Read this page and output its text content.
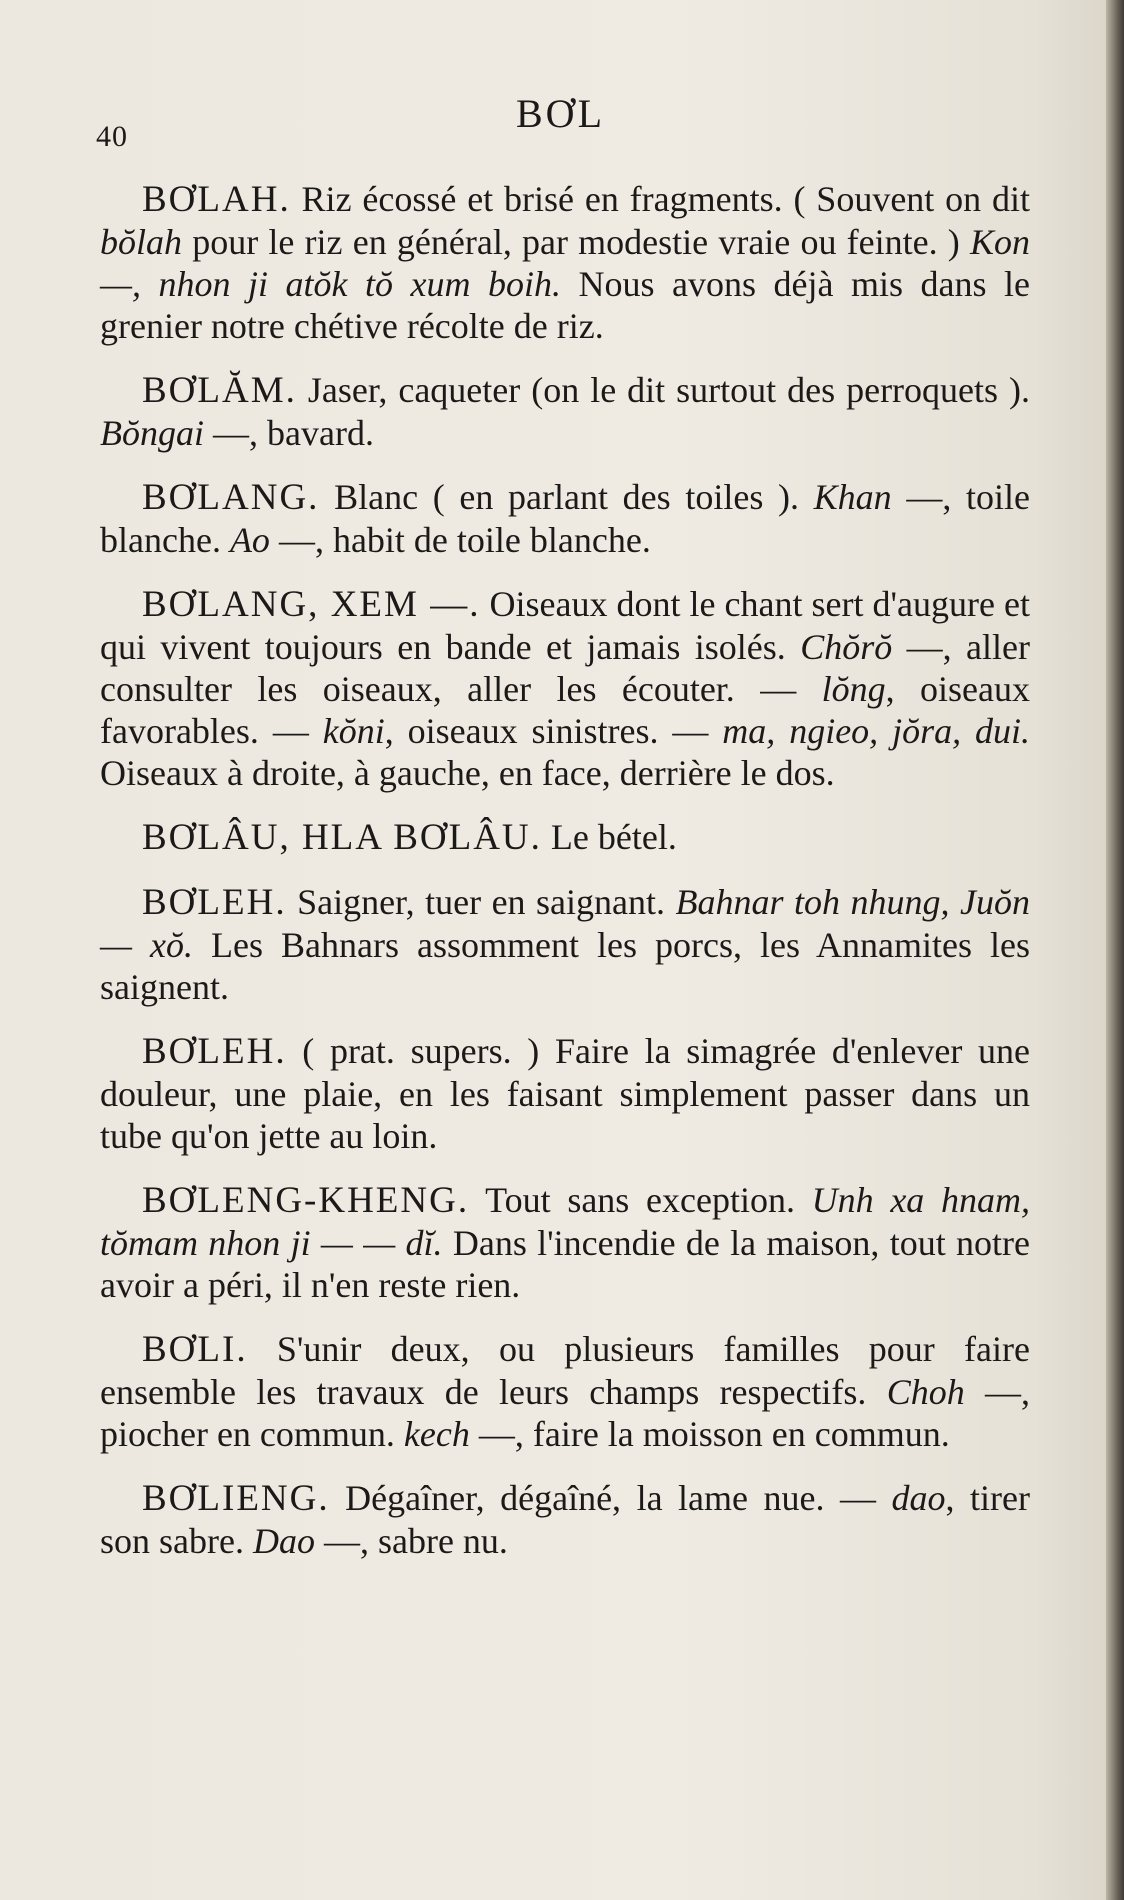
40
BƠL

BƠLAH. Riz écossé et brisé en fragments. ( Souvent on dit bŏlah pour le riz en général, par modestie vraie ou feinte. ) Kon —, nhon ji atŏk tŏ xum boih. Nous avons déjà mis dans le grenier notre chétive récolte de riz.

BƠLĂM. Jaser, caqueter (on le dit surtout des perroquets ). Bŏngai —, bavard.

BƠLANG. Blanc ( en parlant des toiles ). Khan —, toile blanche. Ao —, habit de toile blanche.

BƠLANG, XEM —. Oiseaux dont le chant sert d'augure et qui vivent toujours en bande et jamais isolés. Chŏrŏ —, aller consulter les oiseaux, aller les écouter. — lŏng, oiseaux favorables. — kŏni, oiseaux sinistres. — ma, ngieo, jŏra, dui. Oiseaux à droite, à gauche, en face, derrière le dos.

BƠLÂU, HLA BƠLÂU. Le bétel.

BƠLEH. Saigner, tuer en saignant. Bahnar toh nhung, Juŏn — xŏ. Les Bahnars assomment les porcs, les Annamites les saignent.

BƠLEH. ( prat. supers. ) Faire la simagrée d'enlever une douleur, une plaie, en les faisant simplement passer dans un tube qu'on jette au loin.

BƠLENG-KHENG. Tout sans exception. Unh xa hnam, tŏmam nhon ji — — dĭ. Dans l'incendie de la maison, tout notre avoir a péri, il n'en reste rien.

BƠLI. S'unir deux, ou plusieurs familles pour faire ensemble les travaux de leurs champs respectifs. Choh —, piocher en commun. kech —, faire la moisson en commun.

BƠLIENG. Dégaîner, dégaîné, la lame nue. — dao, tirer son sabre. Dao —, sabre nu.
